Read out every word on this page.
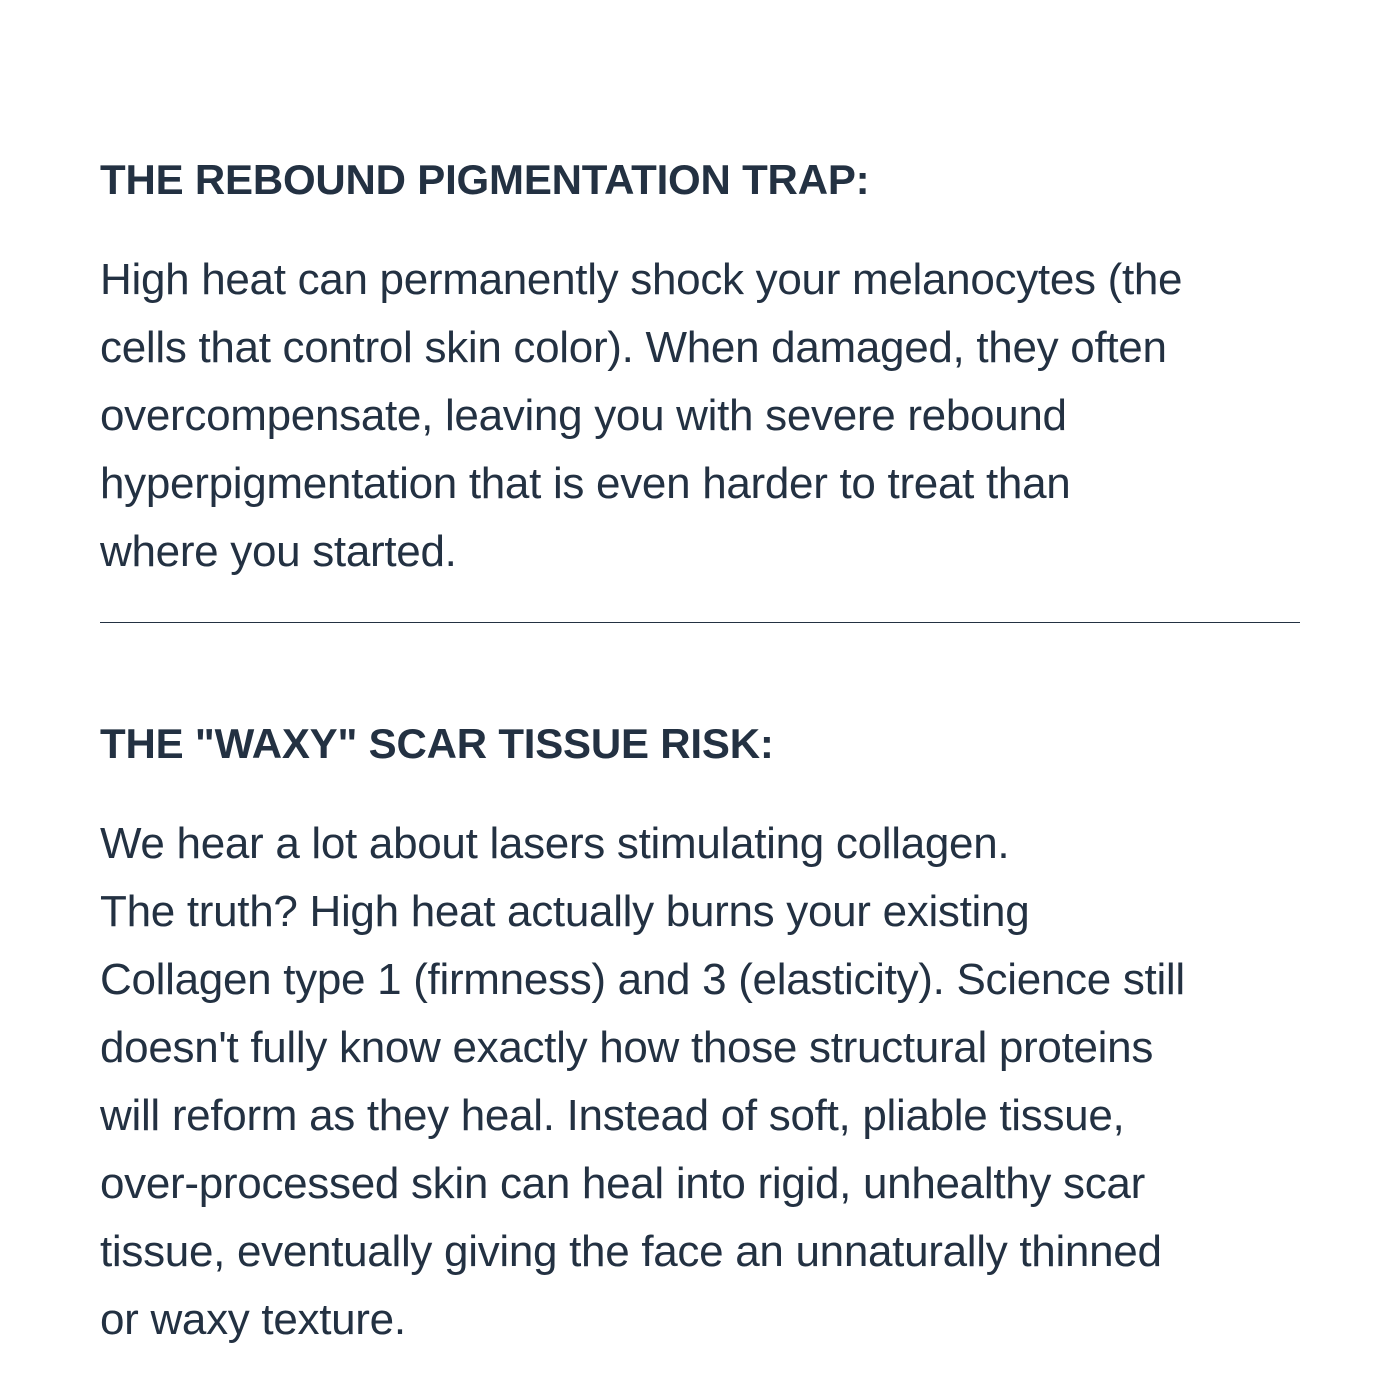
THE REBOUND PIGMENTATION TRAP:

High heat can permanently shock your melanocytes (the
cells that control skin color). When damaged, they often
overcompensate, leaving you with severe rebound
hyperpigmentation that is even harder to treat than
where you started.

THE "WAXY" SCAR TISSUE RISK:

We hear a lot about lasers stimulating collagen.
The truth? High heat actually burns your existing
Collagen type 1 (firmness) and 3 (elasticity). Science still
doesn't fully know exactly how those structural proteins
will reform as they heal. Instead of soft, pliable tissue,
over-processed skin can heal into rigid, unhealthy scar
tissue, eventually giving the face an unnaturally thinned
or waxy texture.
